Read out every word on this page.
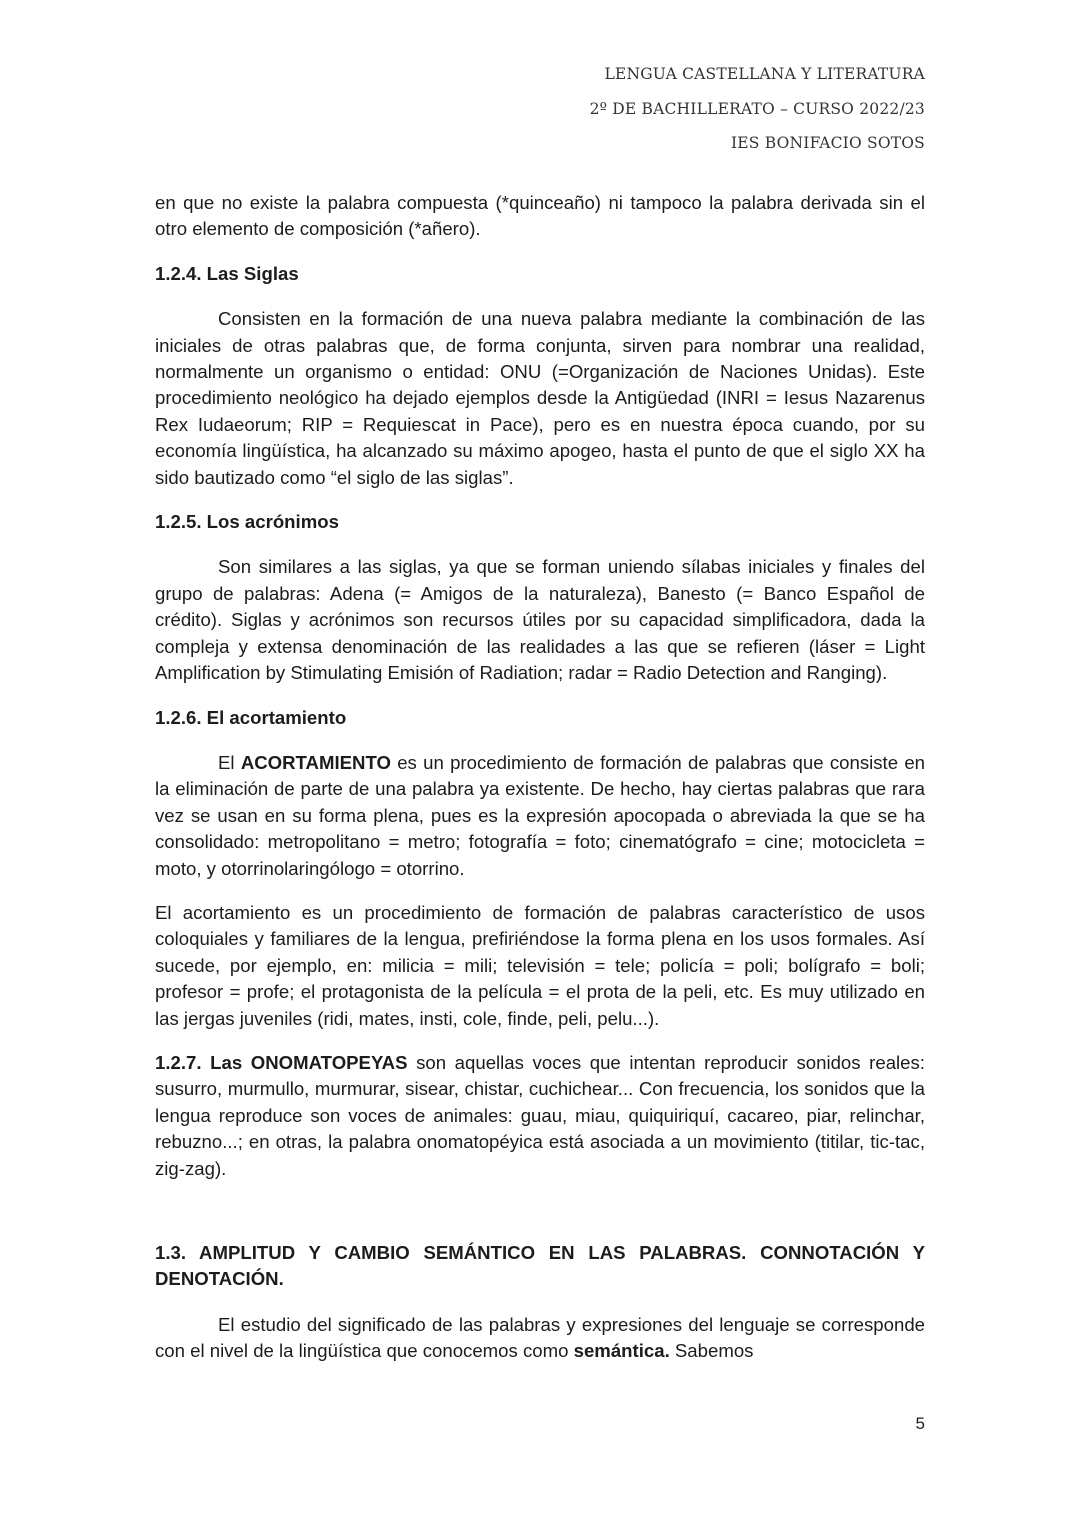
LENGUA CASTELLANA Y LITERATURA
2º DE BACHILLERATO – CURSO 2022/23
IES BONIFACIO SOTOS

en que no existe la palabra compuesta (*quinceaño) ni tampoco la palabra derivada sin el otro elemento de composición (*añero).

1.2.4. Las Siglas

Consisten en la formación de una nueva palabra mediante la combinación de las iniciales de otras palabras que, de forma conjunta, sirven para nombrar una realidad, normalmente un organismo o entidad: ONU (=Organización de Naciones Unidas). Este procedimiento neológico ha dejado ejemplos desde la Antigüedad (INRI = Iesus Nazarenus Rex Iudaeorum; RIP = Requiescat in Pace), pero es en nuestra época cuando, por su economía lingüística, ha alcanzado su máximo apogeo, hasta el punto de que el siglo XX ha sido bautizado como “el siglo de las siglas”.

1.2.5. Los acrónimos

Son similares a las siglas, ya que se forman uniendo sílabas iniciales y finales del grupo de palabras: Adena (= Amigos de la naturaleza), Banesto (= Banco Español de crédito). Siglas y acrónimos son recursos útiles por su capacidad simplificadora, dada la compleja y extensa denominación de las realidades a las que se refieren (láser = Light Amplification by Stimulating Emisión of Radiation; radar = Radio Detection and Ranging).

1.2.6. El acortamiento

El ACORTAMIENTO es un procedimiento de formación de palabras que consiste en la eliminación de parte de una palabra ya existente. De hecho, hay ciertas palabras que rara vez se usan en su forma plena, pues es la expresión apocopada o abreviada la que se ha consolidado: metropolitano = metro; fotografía = foto; cinematógrafo = cine; motocicleta = moto, y otorrinolaringólogo = otorrino.

El acortamiento es un procedimiento de formación de palabras característico de usos coloquiales y familiares de la lengua, prefiriéndose la forma plena en los usos formales. Así sucede, por ejemplo, en: milicia = mili; televisión = tele; policía = poli; bolígrafo = boli; profesor = profe; el protagonista de la película = el prota de la peli, etc. Es muy utilizado en las jergas juveniles (ridi, mates, insti, cole, finde, peli, pelu...).

1.2.7. Las ONOMATOPEYAS son aquellas voces que intentan reproducir sonidos reales: susurro, murmullo, murmurar, sisear, chistar, cuchichear... Con frecuencia, los sonidos que la lengua reproduce son voces de animales: guau, miau, quiquiriquí, cacareo, piar, relinchar, rebuzno...; en otras, la palabra onomatopéyica está asociada a un movimiento (titilar, tic-tac, zig-zag).

1.3. AMPLITUD Y CAMBIO SEMÁNTICO EN LAS PALABRAS. CONNOTACIÓN Y DENOTACIÓN.

El estudio del significado de las palabras y expresiones del lenguaje se corresponde con el nivel de la lingüística que conocemos como semántica. Sabemos

5
